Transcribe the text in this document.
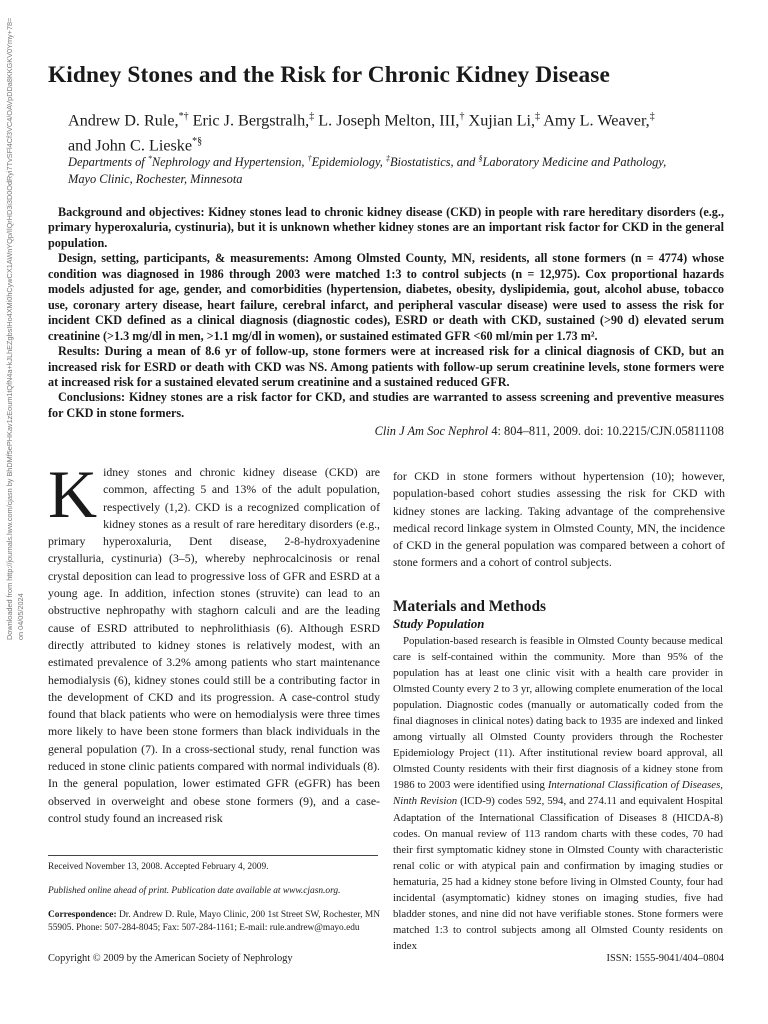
Kidney Stones and the Risk for Chronic Kidney Disease
Andrew D. Rule,*† Eric J. Bergstralh,‡ L. Joseph Melton, III,† Xujian Li,‡ Amy L. Weaver,‡
and John C. Lieske*§
Departments of *Nephrology and Hypertension, †Epidemiology, ‡Biostatistics, and §Laboratory Medicine and Pathology,
Mayo Clinic, Rochester, Minnesota
Downloaded from http://journals.lww.com/cjasn by BhDMf5ePHKav1zEoum1tQfN4a+kJLhEZgbsIHo4XMi0hCywCX1AWnYQp/IlQrHD3i3D0OdRyi7TvSFl4Cf3VC4/OAVpDDa8KKGKV0Ymy+78= on 04/05/2024

Background and objectives: Kidney stones lead to chronic kidney disease (CKD) in people with rare hereditary disorders (e.g., primary hyperoxaluria, cystinuria), but it is unknown whether kidney stones are an important risk factor for CKD in the general population.

Design, setting, participants, & measurements: Among Olmsted County, MN, residents, all stone formers (n = 4774) whose condition was diagnosed in 1986 through 2003 were matched 1:3 to control subjects (n = 12,975). Cox proportional hazards models adjusted for age, gender, and comorbidities (hypertension, diabetes, obesity, dyslipidemia, gout, alcohol abuse, tobacco use, coronary artery disease, heart failure, cerebral infarct, and peripheral vascular disease) were used to assess the risk for incident CKD defined as a clinical diagnosis (diagnostic codes), ESRD or death with CKD, sustained (>90 d) elevated serum creatinine (>1.3 mg/dl in men, >1.1 mg/dl in women), or sustained estimated GFR <60 ml/min per 1.73 m².

Results: During a mean of 8.6 yr of follow-up, stone formers were at increased risk for a clinical diagnosis of CKD, but an increased risk for ESRD or death with CKD was NS. Among patients with follow-up serum creatinine levels, stone formers were at increased risk for a sustained elevated serum creatinine and a sustained reduced GFR.

Conclusions: Kidney stones are a risk factor for CKD, and studies are warranted to assess screening and preventive measures for CKD in stone formers.

Clin J Am Soc Nephrol 4: 804–811, 2009. doi: 10.2215/CJN.05811108
Kidney stones and chronic kidney disease (CKD) are common, affecting 5 and 13% of the adult population, respectively (1,2). CKD is a recognized complication of kidney stones as a result of rare hereditary disorders (e.g., primary hyperoxaluria, Dent disease, 2-8-hydroxyadenine crystalluria, cystinuria) (3–5), whereby nephrocalcinosis or renal crystal deposition can lead to progressive loss of GFR and ESRD at a young age. In addition, infection stones (struvite) can lead to an obstructive nephropathy with staghorn calculi and are the leading cause of ESRD attributed to nephrolithiasis (6). Although ESRD directly attributed to kidney stones is relatively modest, with an estimated prevalence of 3.2% among patients who start maintenance hemodialysis (6), kidney stones could still be a contributing factor in the development of CKD and its progression. A case-control study found that black patients who were on hemodialysis were three times more likely to have been stone formers than black individuals in the general population (7). In a cross-sectional study, renal function was reduced in stone clinic patients compared with normal individuals (8). In the general population, lower estimated GFR (eGFR) has been observed in overweight and obese stone formers (9), and a case-control study found an increased risk
for CKD in stone formers without hypertension (10); however, population-based cohort studies assessing the risk for CKD with kidney stones are lacking. Taking advantage of the comprehensive medical record linkage system in Olmsted County, MN, the incidence of CKD in the general population was compared between a cohort of stone formers and a cohort of control subjects.
Materials and Methods
Study Population
Population-based research is feasible in Olmsted County because medical care is self-contained within the community. More than 95% of the population has at least one clinic visit with a health care provider in Olmsted County every 2 to 3 yr, allowing complete enumeration of the local population. Diagnostic codes (manually or automatically coded from the final diagnoses in clinical notes) dating back to 1935 are indexed and linked among virtually all Olmsted County providers through the Rochester Epidemiology Project (11). After institutional review board approval, all Olmsted County residents with their first diagnosis of a kidney stone from 1986 to 2003 were identified using International Classification of Diseases, Ninth Revision (ICD-9) codes 592, 594, and 274.11 and equivalent Hospital Adaptation of the International Classification of Diseases 8 (HICDA-8) codes. On manual review of 113 random charts with these codes, 70 had their first symptomatic kidney stone in Olmsted County with characteristic renal colic or with atypical pain and confirmation by imaging studies or hematuria, 25 had a kidney stone before living in Olmsted County, four had incidental (asymptomatic) kidney stones on imaging studies, five had bladder stones, and nine did not have verifiable stones. Stone formers were matched 1:3 to control subjects among all Olmsted County residents on index

Received November 13, 2008. Accepted February 4, 2009.

Published online ahead of print. Publication date available at www.cjasn.org.

Correspondence: Dr. Andrew D. Rule, Mayo Clinic, 200 1st Street SW, Rochester, MN 55905. Phone: 507-284-8045; Fax: 507-284-1161; E-mail: rule.andrew@mayo.edu

Copyright © 2009 by the American Society of Nephrology	ISSN: 1555-9041/404–0804
